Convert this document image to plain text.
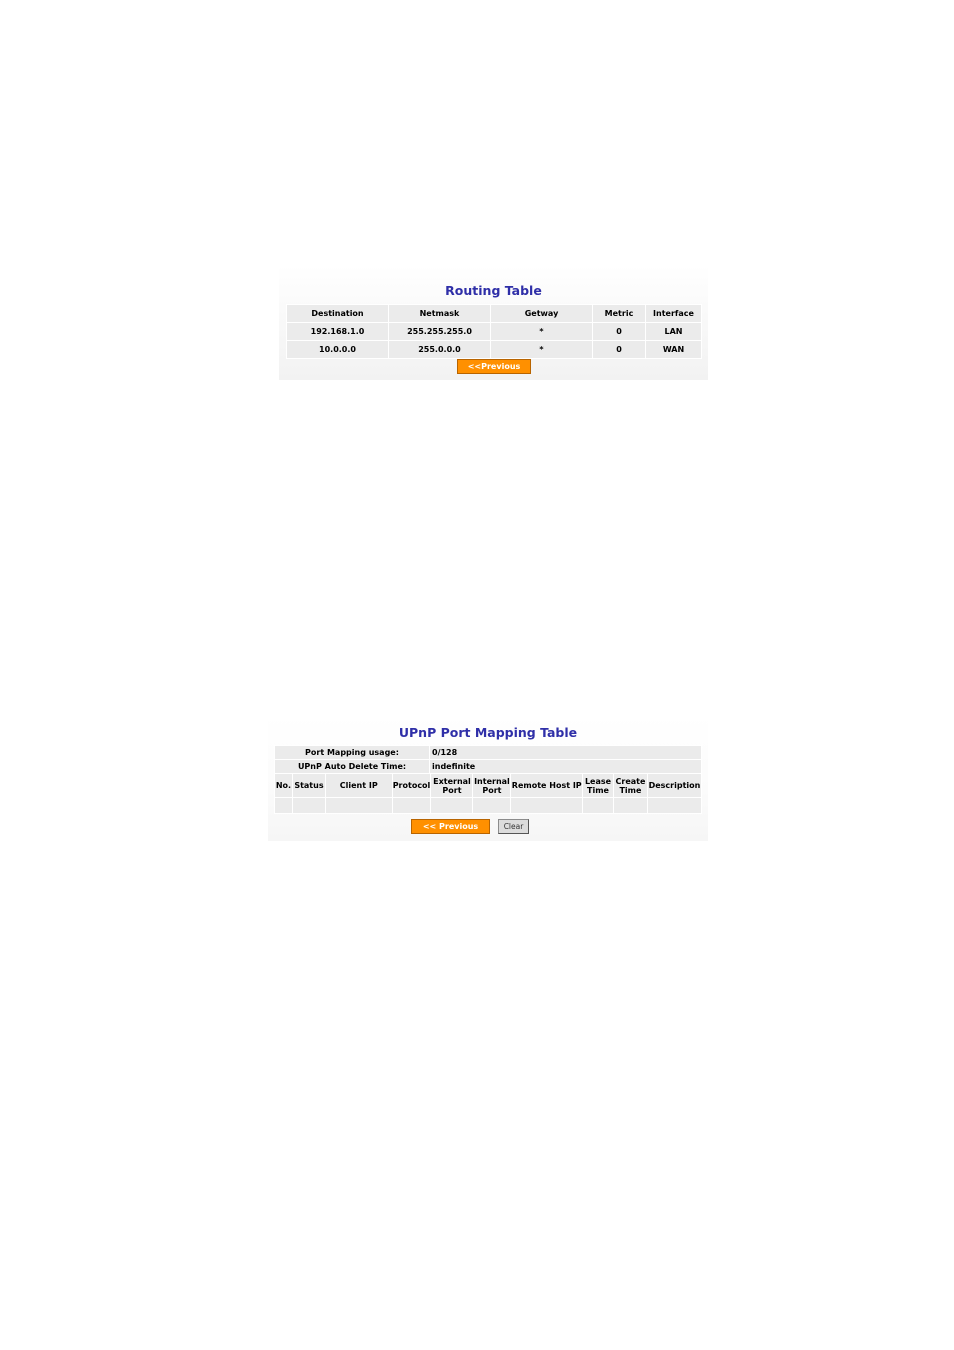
Routing Table
Destination	Netmask	Getway	Metric	Interface
192.168.1.0	255.255.255.0	*	0	LAN
10.0.0.0	255.0.0.0	*	0	WAN
<<Previous
UPnP Port Mapping Table
Port Mapping usage:	0/128
UPnP Auto Delete Time:	indefinite
No.	Status	Client IP	Protocol	External Port	Internal Port	Remote Host IP	Lease Time	Create Time	Description

<< Previous	Clear
